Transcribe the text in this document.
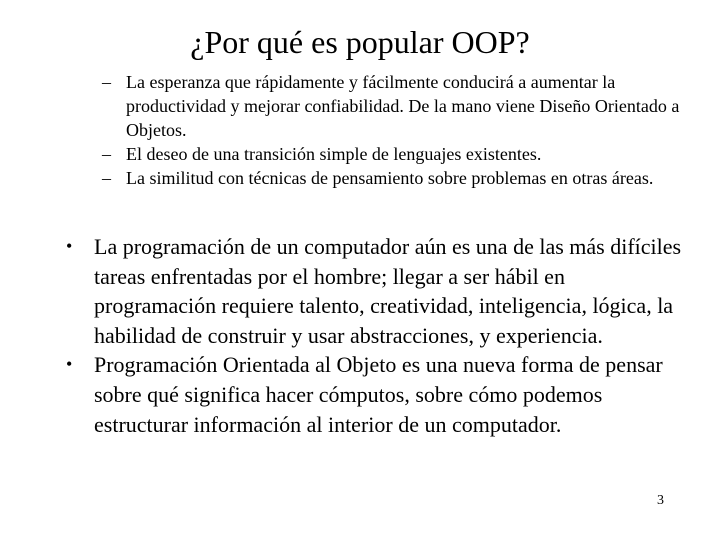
¿Por qué es popular OOP?
– La esperanza que rápidamente y fácilmente conducirá a aumentar la productividad y mejorar confiabilidad. De la mano viene Diseño Orientado a Objetos.
– El deseo de una transición simple de lenguajes existentes.
– La similitud con técnicas de pensamiento sobre problemas en otras áreas.
• La programación de un computador aún es una de las más difíciles tareas enfrentadas por el hombre; llegar a ser hábil en programación requiere talento, creatividad, inteligencia, lógica, la habilidad de construir y usar abstracciones, y experiencia.
• Programación Orientada al Objeto es una nueva forma de pensar sobre qué significa hacer cómputos, sobre cómo podemos estructurar información al interior de un computador.
3
